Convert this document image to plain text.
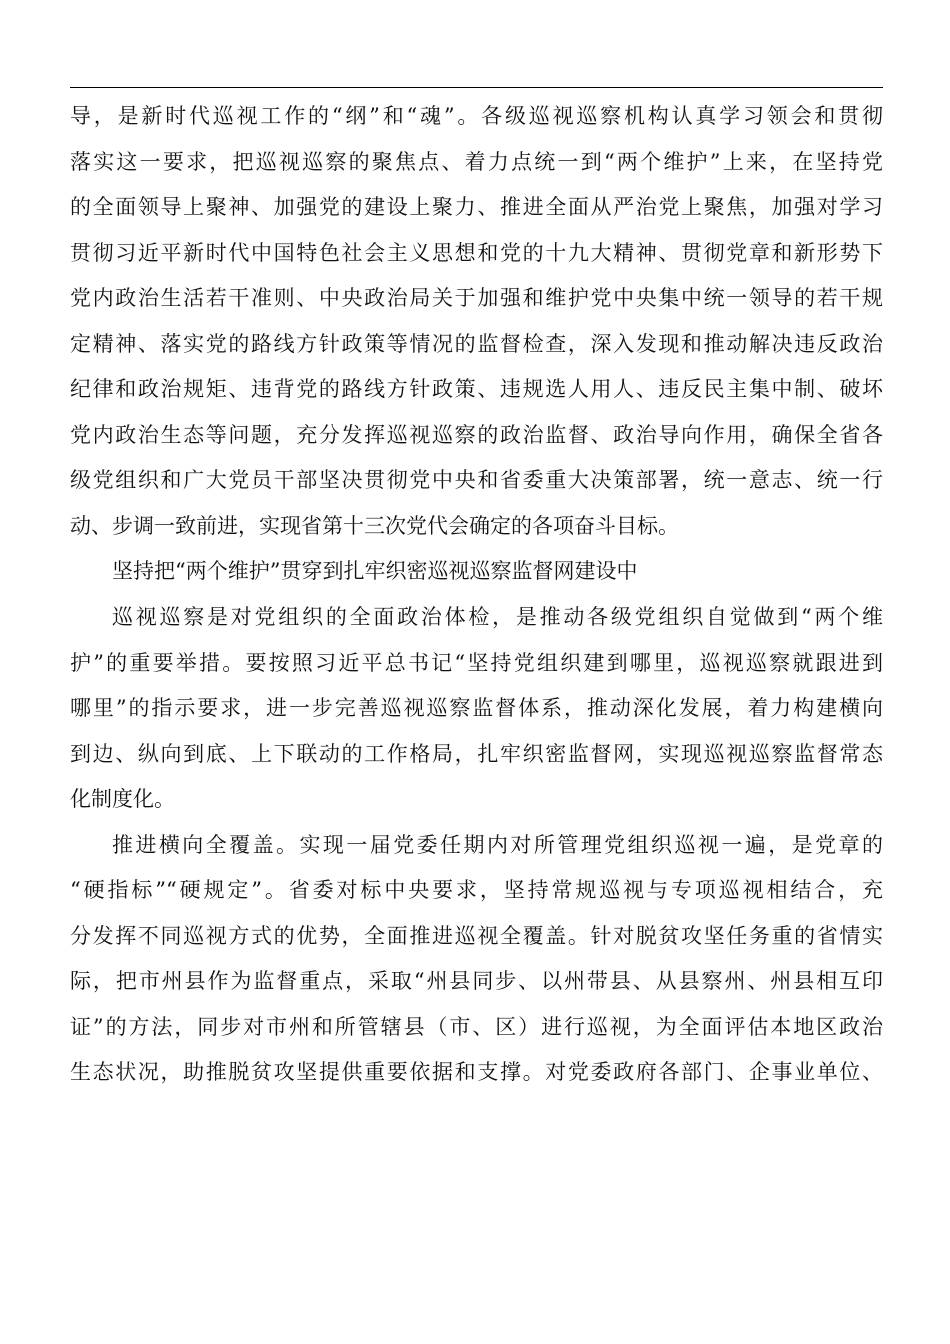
导，是新时代巡视工作的“纲”和“魂”。各级巡视巡察机构认真学习领会和贯彻
落实这一要求，把巡视巡察的聚焦点、着力点统一到“两个维护”上来，在坚持党
的全面领导上聚神、加强党的建设上聚力、推进全面从严治党上聚焦，加强对学习
贯彻习近平新时代中国特色社会主义思想和党的十九大精神、贯彻党章和新形势下
党内政治生活若干准则、中央政治局关于加强和维护党中央集中统一领导的若干规
定精神、落实党的路线方针政策等情况的监督检查，深入发现和推动解决违反政治
纪律和政治规矩、违背党的路线方针政策、违规选人用人、违反民主集中制、破坏
党内政治生态等问题，充分发挥巡视巡察的政治监督、政治导向作用，确保全省各
级党组织和广大党员干部坚决贯彻党中央和省委重大决策部署，统一意志、统一行
动、步调一致前进，实现省第十三次党代会确定的各项奋斗目标。
坚持把“两个维护”贯穿到扎牢织密巡视巡察监督网建设中
巡视巡察是对党组织的全面政治体检，是推动各级党组织自觉做到“两个维
护”的重要举措。要按照习近平总书记“坚持党组织建到哪里，巡视巡察就跟进到
哪里”的指示要求，进一步完善巡视巡察监督体系，推动深化发展，着力构建横向
到边、纵向到底、上下联动的工作格局，扎牢织密监督网，实现巡视巡察监督常态
化制度化。
推进横向全覆盖。实现一届党委任期内对所管理党组织巡视一遍，是党章的
“硬指标”“硬规定”。省委对标中央要求，坚持常规巡视与专项巡视相结合，充
分发挥不同巡视方式的优势，全面推进巡视全覆盖。针对脱贫攻坚任务重的省情实
际，把市州县作为监督重点，采取“州县同步、以州带县、从县察州、州县相互印
证”的方法，同步对市州和所管辖县（市、区）进行巡视，为全面评估本地区政治
生态状况，助推脱贫攻坚提供重要依据和支撑。对党委政府各部门、企事业单位、
